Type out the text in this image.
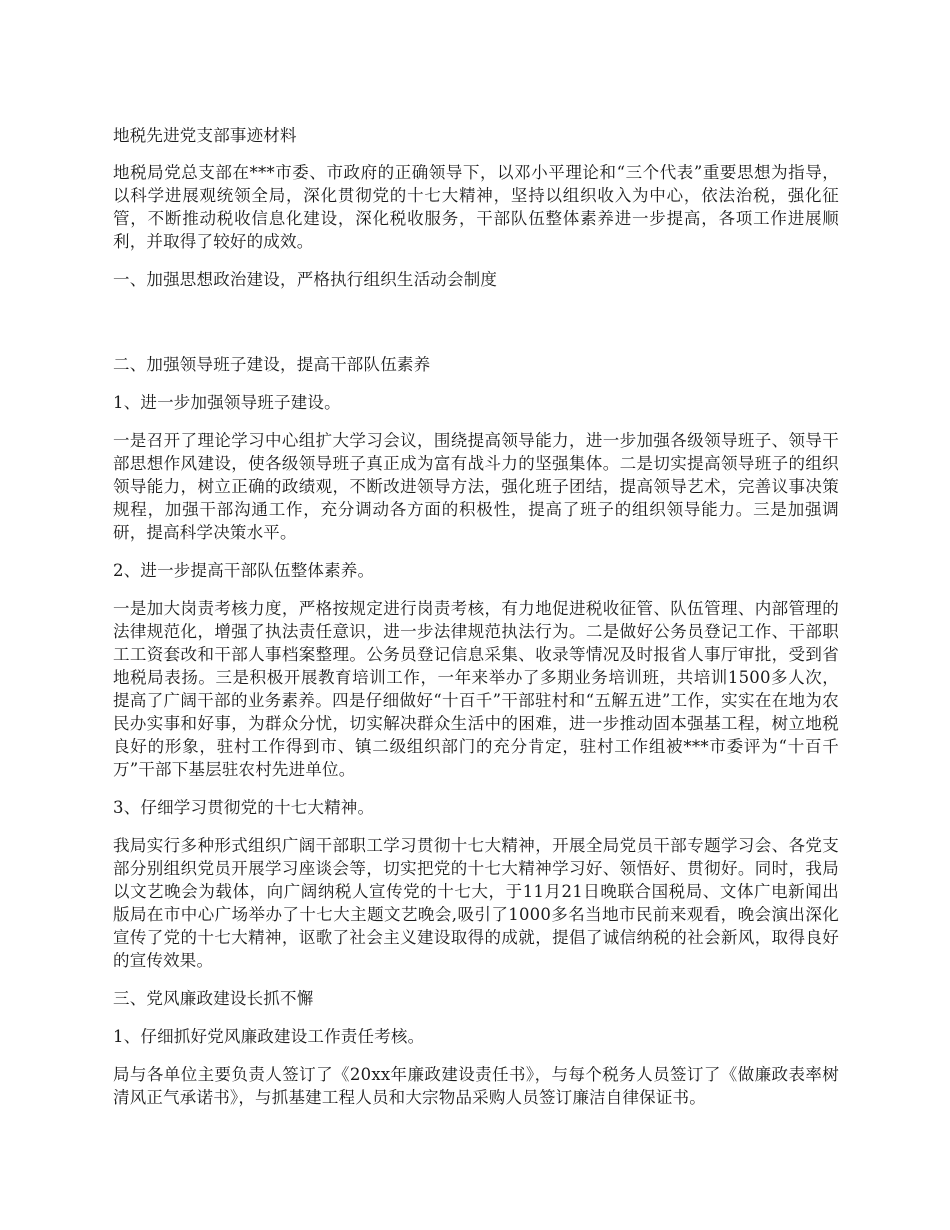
地税先进党支部事迹材料

地税局党总支部在***市委、市政府的正确领导下，以邓小平理论和“三个代表”重要思想为指导，以科学进展观统领全局，深化贯彻党的十七大精神，坚持以组织收入为中心，依法治税，强化征管，不断推动税收信息化建设，深化税收服务，干部队伍整体素养进一步提高，各项工作进展顺利，并取得了较好的成效。

一、加强思想政治建设，严格执行组织生活动会制度

二、加强领导班子建设，提高干部队伍素养

1、进一步加强领导班子建设。

一是召开了理论学习中心组扩大学习会议，围绕提高领导能力，进一步加强各级领导班子、领导干部思想作风建设，使各级领导班子真正成为富有战斗力的坚强集体。二是切实提高领导班子的组织领导能力，树立正确的政绩观，不断改进领导方法，强化班子团结，提高领导艺术，完善议事决策规程，加强干部沟通工作，充分调动各方面的积极性，提高了班子的组织领导能力。三是加强调研，提高科学决策水平。

2、进一步提高干部队伍整体素养。

一是加大岗责考核力度，严格按规定进行岗责考核，有力地促进税收征管、队伍管理、内部管理的法律规范化，增强了执法责任意识，进一步法律规范执法行为。二是做好公务员登记工作、干部职工工资套改和干部人事档案整理。公务员登记信息采集、收录等情况及时报省人事厅审批，受到省地税局表扬。三是积极开展教育培训工作，一年来举办了多期业务培训班，共培训1500多人次，提高了广阔干部的业务素养。四是仔细做好“十百千”干部驻村和“五解五进”工作，实实在在地为农民办实事和好事，为群众分忧，切实解决群众生活中的困难，进一步推动固本强基工程，树立地税良好的形象，驻村工作得到市、镇二级组织部门的充分肯定，驻村工作组被***市委评为“十百千万”干部下基层驻农村先进单位。

3、仔细学习贯彻党的十七大精神。

我局实行多种形式组织广阔干部职工学习贯彻十七大精神，开展全局党员干部专题学习会、各党支部分别组织党员开展学习座谈会等，切实把党的十七大精神学习好、领悟好、贯彻好。同时，我局以文艺晚会为载体，向广阔纳税人宣传党的十七大，于11月21日晚联合国税局、文体广电新闻出版局在市中心广场举办了十七大主题文艺晚会,吸引了1000多名当地市民前来观看，晚会演出深化宣传了党的十七大精神，讴歌了社会主义建设取得的成就，提倡了诚信纳税的社会新风，取得良好的宣传效果。

三、党风廉政建设长抓不懈

1、仔细抓好党风廉政建设工作责任考核。

局与各单位主要负责人签订了《20xx年廉政建设责任书》，与每个税务人员签订了《做廉政表率树清风正气承诺书》，与抓基建工程人员和大宗物品采购人员签订廉洁自律保证书。
